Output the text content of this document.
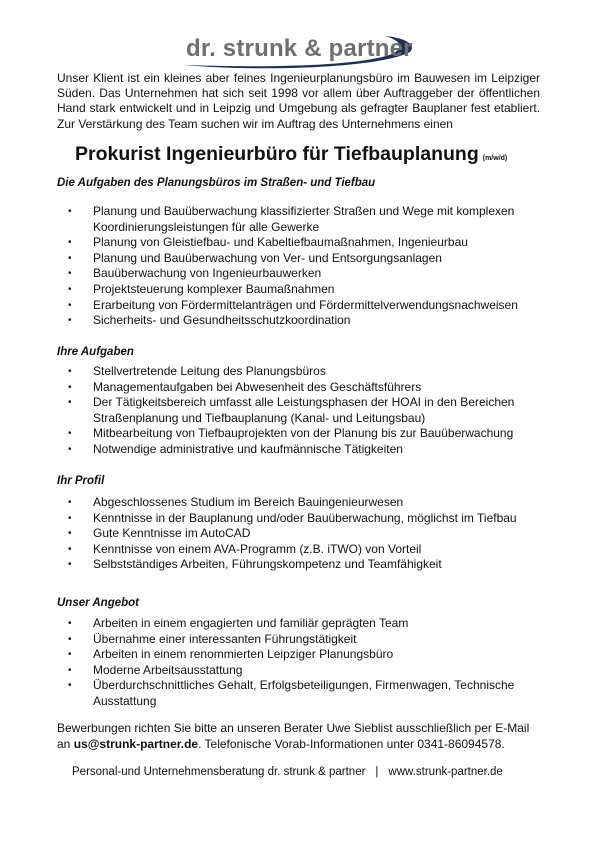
dr. strunk & partner
Unser Klient ist ein kleines aber feines Ingenieurplanungsbüro im Bauwesen im Leipziger Süden. Das Unternehmen hat sich seit 1998 vor allem über Auftraggeber der öffentlichen Hand stark entwickelt und in Leipzig und Umgebung als gefragter Bauplaner fest etabliert. Zur Verstärkung des Team suchen wir im Auftrag des Unternehmens einen
Prokurist Ingenieurbüro für Tiefbauplanung (m/w/d)
Die Aufgaben des Planungsbüros im Straßen- und Tiefbau
• Planung und Bauüberwachung klassifizierter Straßen und Wege mit komplexen Koordinierungsleistungen für alle Gewerke
• Planung von Gleistiefbau- und Kabeltiefbaumaßnahmen, Ingenieurbau
• Planung und Bauüberwachung von Ver- und Entsorgungsanlagen
• Bauüberwachung von Ingenieurbauwerken
• Projektsteuerung komplexer Baumaßnahmen
• Erarbeitung von Fördermittelanträgen und Fördermittelverwendungsnachweisen
• Sicherheits- und Gesundheitsschutzkoordination
Ihre Aufgaben
• Stellvertretende Leitung des Planungsbüros
• Managementaufgaben bei Abwesenheit des Geschäftsführers
• Der Tätigkeitsbereich umfasst alle Leistungsphasen der HOAI in den Bereichen Straßenplanung und Tiefbauplanung (Kanal- und Leitungsbau)
• Mitbearbeitung von Tiefbauprojekten von der Planung bis zur Bauüberwachung
• Notwendige administrative und kaufmännische Tätigkeiten
Ihr Profil
• Abgeschlossenes Studium im Bereich Bauingenieurwesen
• Kenntnisse in der Bauplanung und/oder Bauüberwachung, möglichst im Tiefbau
• Gute Kenntnisse im AutoCAD
• Kenntnisse von einem AVA-Programm (z.B. iTWO) von Vorteil
• Selbstständiges Arbeiten, Führungskompetenz und Teamfähigkeit
Unser Angebot
• Arbeiten in einem engagierten und familiär geprägten Team
• Übernahme einer interessanten Führungstätigkeit
• Arbeiten in einem renommierten Leipziger Planungsbüro
• Moderne Arbeitsausstattung
• Überdurchschnittliches Gehalt, Erfolgsbeteiligungen, Firmenwagen, Technische Ausstattung
Bewerbungen richten Sie bitte an unseren Berater Uwe Sieblist ausschließlich per E-Mail an us@strunk-partner.de. Telefonische Vorab-Informationen unter 0341-86094578.
Personal-und Unternehmensberatung dr. strunk & partner | www.strunk-partner.de
